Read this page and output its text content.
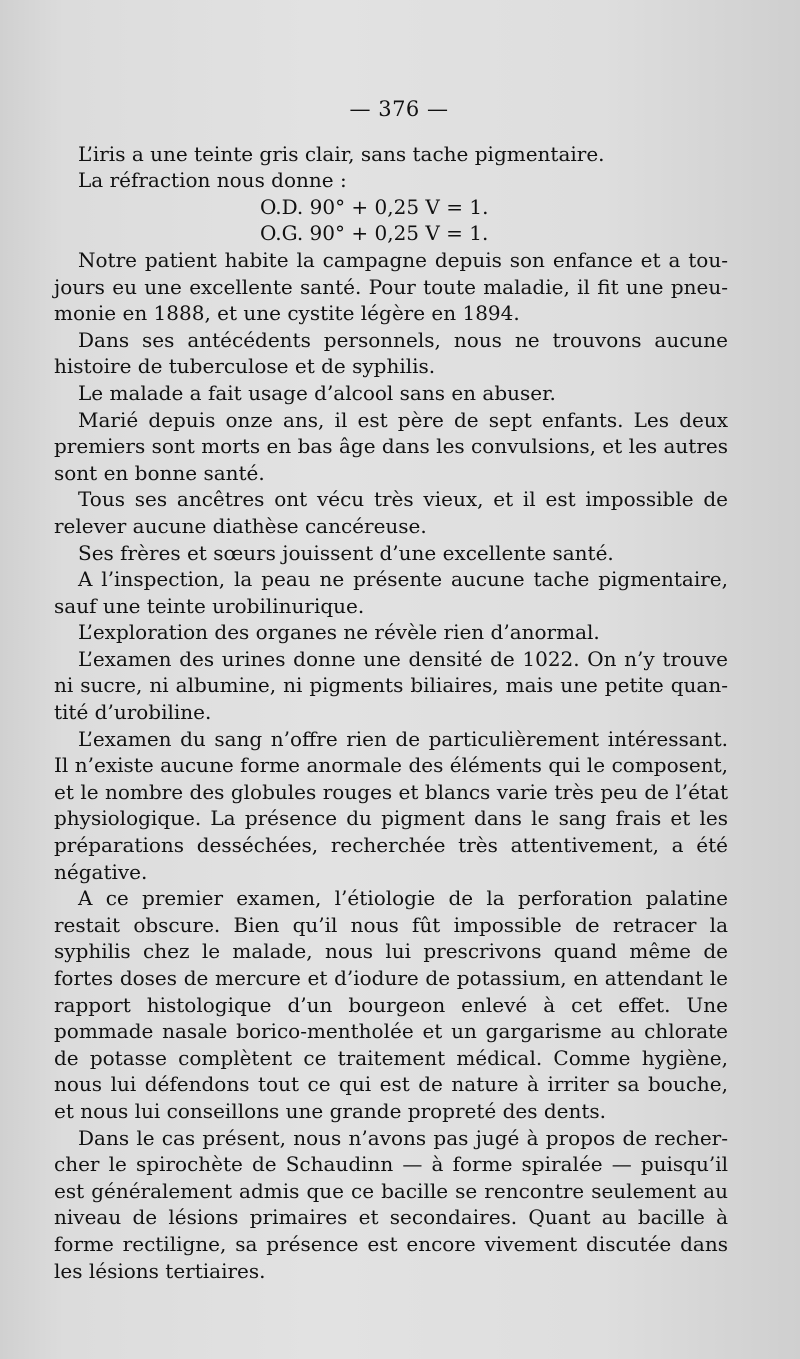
— 376 —

L’iris a une teinte gris clair, sans tache pigmentaire.

La réfraction nous donne :

O.D. 90° + 0,25 V = 1.
O.G. 90° + 0,25 V = 1.

Notre patient habite la campagne depuis son enfance et a toujours eu une excellente santé. Pour toute maladie, il fit une pneumonie en 1888, et une cystite légère en 1894.

Dans ses antécédents personnels, nous ne trouvons aucune histoire de tuberculose et de syphilis.

Le malade a fait usage d’alcool sans en abuser.

Marié depuis onze ans, il est père de sept enfants. Les deux premiers sont morts en bas âge dans les convulsions, et les autres sont en bonne santé.

Tous ses ancêtres ont vécu très vieux, et il est impossible de relever aucune diathèse cancéreuse.

Ses frères et sœurs jouissent d’une excellente santé.

A l’inspection, la peau ne présente aucune tache pigmentaire, sauf une teinte urobilinurique.

L’exploration des organes ne révèle rien d’anormal.

L’examen des urines donne une densité de 1022. On n’y trouve ni sucre, ni albumine, ni pigments biliaires, mais une petite quantité d’urobiline.

L’examen du sang n’offre rien de particulièrement intéressant. Il n’existe aucune forme anormale des éléments qui le composent, et le nombre des globules rouges et blancs varie très peu de l’état physiologique. La présence du pigment dans le sang frais et les préparations desséchées, recherchée très attentivement, a été négative.

A ce premier examen, l’étiologie de la perforation palatine restait obscure. Bien qu’il nous fût impossible de retracer la syphilis chez le malade, nous lui prescrivons quand même de fortes doses de mercure et d’iodure de potassium, en attendant le rapport histologique d’un bourgeon enlevé à cet effet. Une pommade nasale borico-mentholée et un gargarisme au chlorate de potasse complètent ce traitement médical. Comme hygiène, nous lui défendons tout ce qui est de nature à irriter sa bouche, et nous lui conseillons une grande propreté des dents.

Dans le cas présent, nous n’avons pas jugé à propos de rechercher le spirochète de Schaudinn — à forme spiralée — puisqu’il est généralement admis que ce bacille se rencontre seulement au niveau de lésions primaires et secondaires. Quant au bacille à forme rectiligne, sa présence est encore vivement discutée dans les lésions tertiaires.
